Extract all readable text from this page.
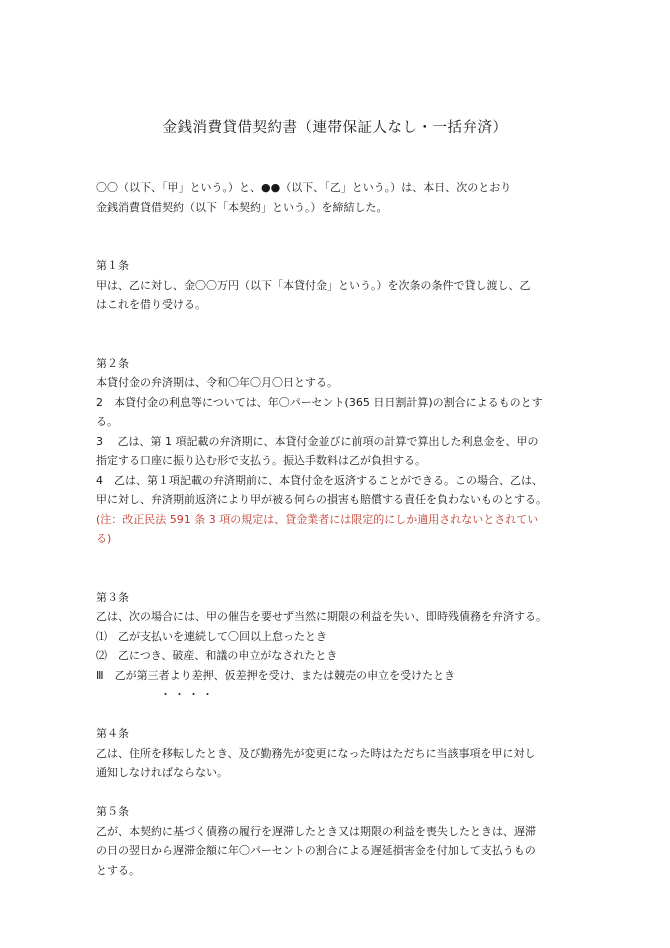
金銭消費貸借契約書（連帯保証人なし・一括弁済）

〇〇（以下、「甲」という。）と、●●（以下、「乙」という。）は、本日、次のとおり

金銭消費貸借契約（以下「本契約」という。）を締結した。

第１条

甲は、乙に対し、金〇〇万円（以下「本貸付金」という。）を次条の条件で貸し渡し、乙

はこれを借り受ける。

第２条

本貸付金の弁済期は、令和〇年〇月〇日とする。

2　本貸付金の利息等については、年〇パーセント(365 日日割計算)の割合によるものとす

る。

3　 乙は、第 1 項記載の弁済期に、本貸付金並びに前項の計算で算出した利息金を、甲の

指定する口座に振り込む形で支払う。振込手数料は乙が負担する。

4　乙は、第１項記載の弁済期前に、本貸付金を返済することができる。この場合、乙は、

甲に対し、弁済期前返済により甲が被る何らの損害も賠償する責任を負わないものとする。

(注：改正民法 591 条 3 項の規定は、貸金業者には限定的にしか適用されないとされてい

る)

第３条

乙は、次の場合には、甲の催告を要せず当然に期限の利益を失い、即時残債務を弁済する。

⑴　乙が支払いを連続して〇回以上怠ったとき

⑵　乙につき、破産、和議の申立がなされたとき

Ⅲ　乙が第三者より差押、仮差押を受け、または競売の申立を受けたとき

・・・・

第４条

乙は、住所を移転したとき、及び勤務先が変更になった時はただちに当該事項を甲に対し

通知しなければならない。

第５条

乙が、本契約に基づく債務の履行を遅滞したとき又は期限の利益を喪失したときは、遅滞

の日の翌日から遅滞金額に年〇パーセントの割合による遅延損害金を付加して支払うもの

とする。
